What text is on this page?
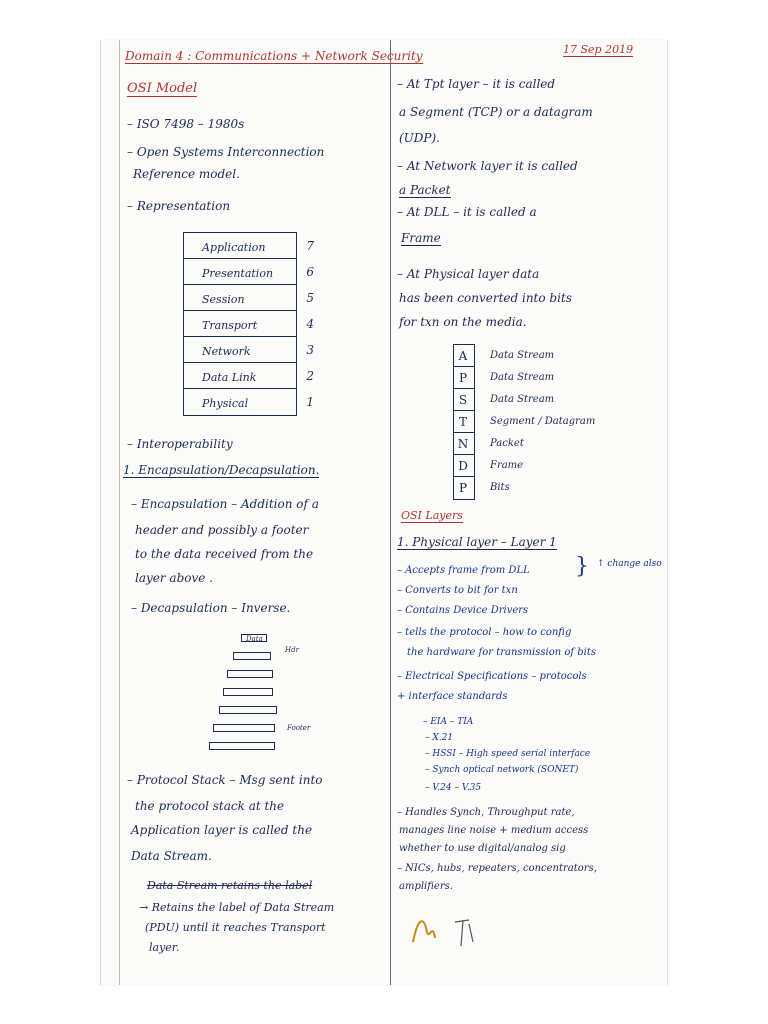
Domain 4 : Communications + Network Security	17 Sep 2019
OSI Model
– ISO 7498 – 1980s
– Open Systems Interconnection
Reference model.
– Representation
Application	7
Presentation	6
Session	5
Transport	4
Network	3
Data Link	2
Physical	1
– Interoperability
1. Encapsulation/Decapsulation.
– Encapsulation – Addition of a
header and possibly a footer
to the data received from the
layer above .
– Decapsulation – Inverse.
Data
Hdr
Footer
– Protocol Stack – Msg sent into
the protocol stack at the
Application layer is called the
Data Stream.
Data Stream retains the label
→ Retains the label of Data Stream
(PDU) until it reaches Transport
layer.
– At Tpt layer – it is called
a Segment (TCP) or a datagram
(UDP).
– At Network layer it is called
a Packet
– At DLL – it is called a
Frame
– At Physical layer data
has been converted into bits
for txn on the media.
A	Data Stream
P	Data Stream
S	Data Stream
T	Segment / Datagram
N	Packet
D	Frame
P	Bits
OSI Layers
1. Physical layer – Layer 1
– Accepts frame from DLL
– Converts to bit for txn
– Contains Device Drivers
– tells the protocol – how to config
the hardware for transmission of bits
– Electrical Specifications – protocols
+ interface standards
↑ change also
}
– EIA – TIA
– X.21
– HSSI – High speed serial interface
– Synch optical network (SONET)
– V.24 – V.35
– Handles Synch, Throughput rate,
manages line noise + medium access
whether to use digital/analog sig
– NICs, hubs, repeaters, concentrators,
amplifiers.
